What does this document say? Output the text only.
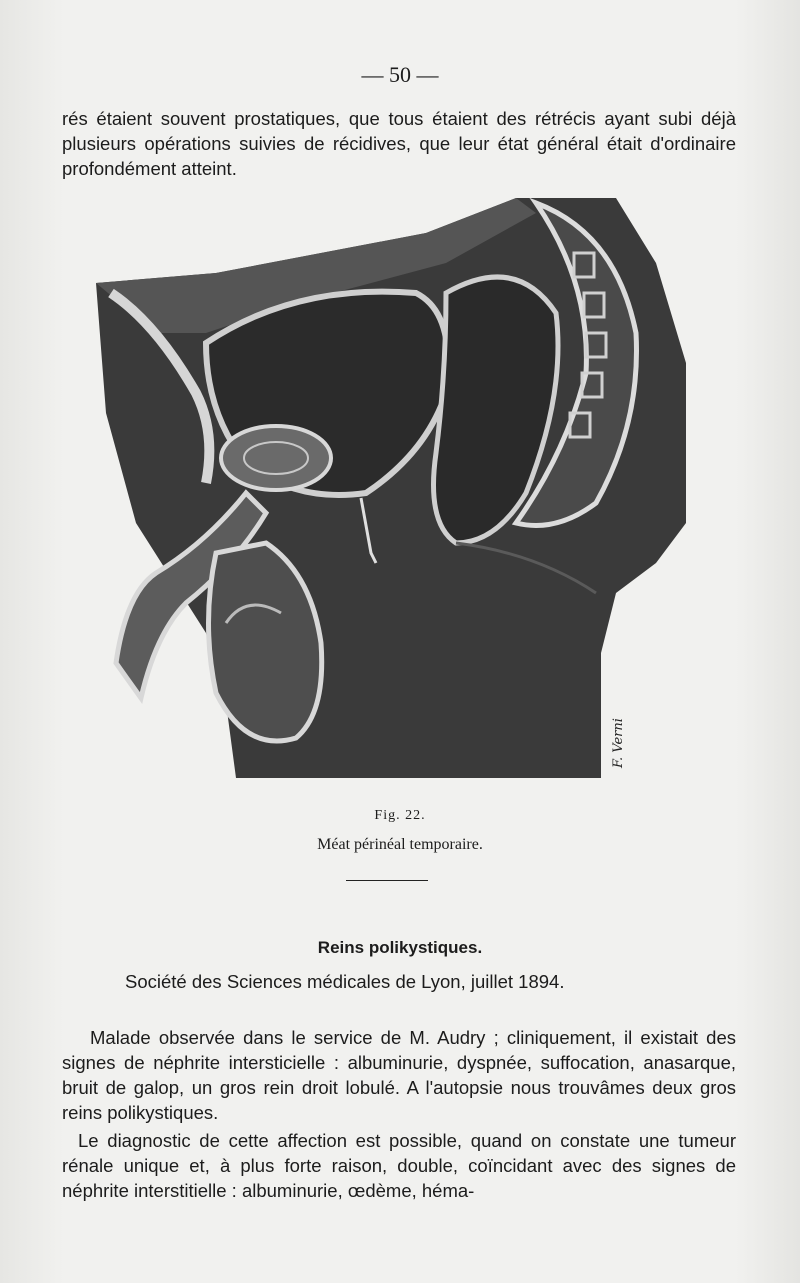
— 50 —

rés étaient souvent prostatiques, que tous étaient des rétrécis ayant subi déjà plusieurs opérations suivies de récidives, que leur état général était d'ordinaire profondément atteint.

F. Verni
Fig. 22.
Méat périnéal temporaire.
Reins polikystiques.
Société des Sciences médicales de Lyon, juillet 1894.

Malade observée dans le service de M. Audry ; cliniquement, il existait des signes de néphrite intersticielle : albuminurie, dyspnée, suffocation, anasarque, bruit de galop, un gros rein droit lobulé. A l'autopsie nous trouvâmes deux gros reins polikystiques.

Le diagnostic de cette affection est possible, quand on constate une tumeur rénale unique et, à plus forte raison, double, coïncidant avec des signes de néphrite interstitielle : albuminurie, œdème, héma-
